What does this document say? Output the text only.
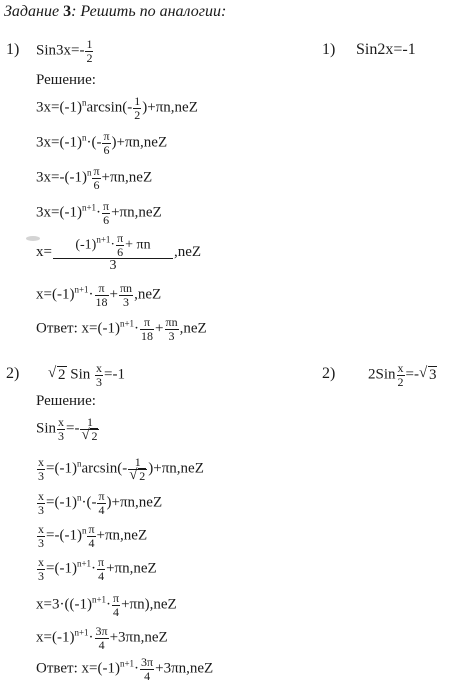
Задание 3: Решить по аналогии:
1) $Sin3x=- \frac{1}{2}$
Решение:
$3x=(-1)^n\arcsin(- \frac{1}{2} )+\pi n,neZ$
$3x=(-1)^n\cdot(- \frac{\pi}{6} )+\pi n,neZ$
$3x=-(-1)^n \frac{\pi}{6} +\pi n,neZ$
$3x=(-1)^{n+1}\cdot \frac{\pi}{6} +\pi n,neZ$
$x= \frac{(-1)^{n+1}\cdot \frac{\pi}{6} + \pi n}{3} ,neZ$
$x=(-1)^{n+1}\cdot \frac{\pi}{18} + \frac{\pi n}{3} ,neZ$
Ответ: $x=(-1)^{n+1}\cdot \frac{\pi}{18} + \frac{\pi n}{3} ,neZ$
1) Sin2x=-1
2)	√ 2 Sin $\frac{x}{3} =-1$
Решение:
Sin $\frac{x}{3} =- 1$
√ 2
$\frac{x}{3} =(-1)^n\arcsin(-$ 1
√ 2 )+πn,neZ
$\frac{x}{3} =(-1)^n\cdot(- \frac{\pi}{4} )+\pi n,neZ$
$\frac{x}{3} =-(-1)^n \frac{\pi}{4} +\pi n,neZ$
$\frac{x}{3} =(-1)^{n+1}\cdot \frac{\pi}{4} +\pi n,neZ$
$x=3\cdot((-1)^{n+1}\cdot \frac{\pi}{4} +\pi n),neZ$
$x=(-1)^{n+1}\cdot \frac{3\pi}{4} +3\pi n,neZ$
Ответ: $x=(-1)^{n+1}\cdot \frac{3\pi}{4} +3\pi n,neZ$
2) $2Sin \frac{x}{2}$ =- √ 3
